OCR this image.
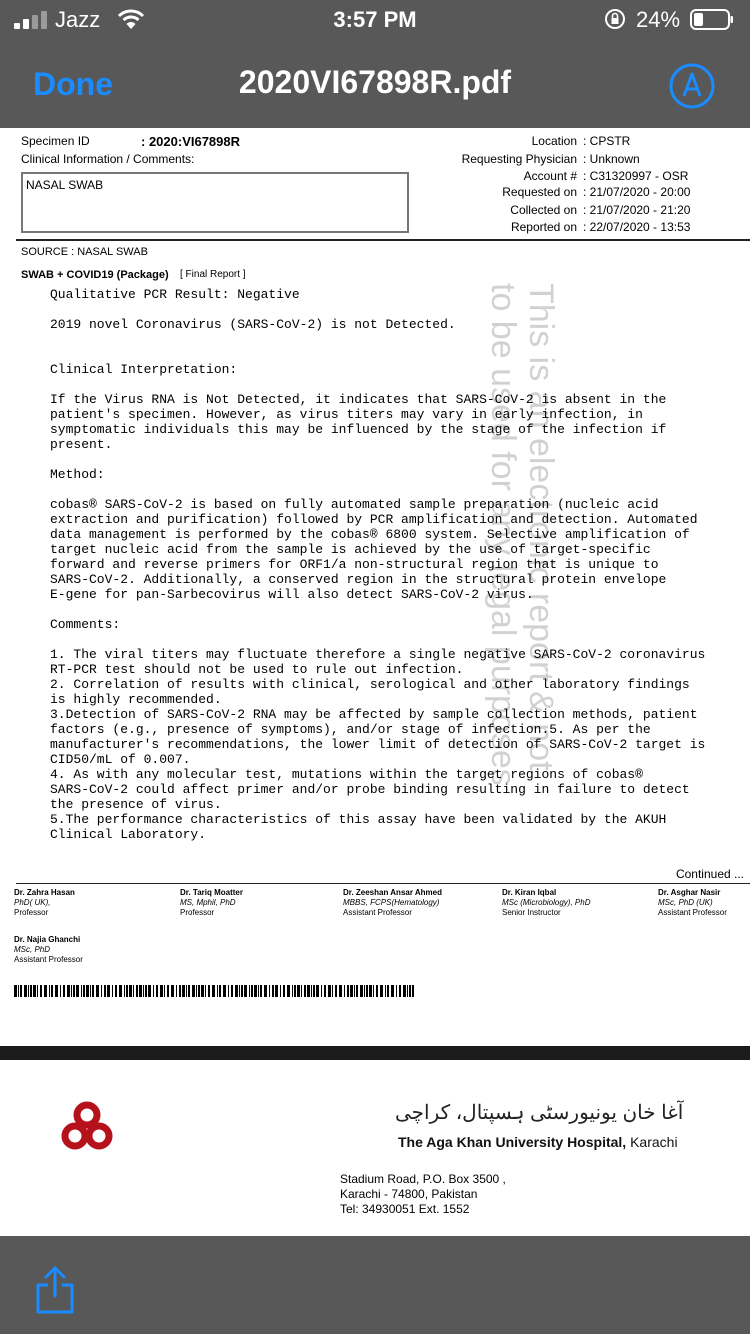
Jazz	3:57 PM	24%
Done	2020VI67898R.pdf
Specimen ID	: 2020:VI67898R
Clinical Information / Comments:
NASAL SWAB
Location : CPSTR
Requesting Physician : Unknown
Account # : C31320997 - OSR
Requested on : 21/07/2020 - 20:00
Collected on : 21/07/2020 - 21:20
Reported on : 22/07/2020 - 13:53
SOURCE : NASAL SWAB
SWAB + COVID19 (Package) [ Final Report ]
Qualitative PCR Result: Negative

2019 novel Coronavirus (SARS-CoV-2) is not Detected.

Clinical Interpretation:

If the Virus RNA is Not Detected, it indicates that SARS-CoV-2 is absent in the
patient's specimen. However, as virus titers may vary in early infection, in
symptomatic individuals this may be influenced by the stage of the infection if
present.

Method:

cobas® SARS-CoV-2 is based on fully automated sample preparation (nucleic acid
extraction and purification) followed by PCR amplification and detection. Automated
data management is performed by the cobas® 6800 system. Selective amplification of
target nucleic acid from the sample is achieved by the use of target-specific
forward and reverse primers for ORF1/a non-structural region that is unique to
SARS-CoV-2. Additionally, a conserved region in the structural protein envelope
E-gene for pan-Sarbecovirus will also detect SARS-CoV-2 virus.

Comments:

1. The viral titers may fluctuate therefore a single negative SARS-CoV-2 coronavirus
RT-PCR test should not be used to rule out infection.
2. Correlation of results with clinical, serological and other laboratory findings
is highly recommended.
3.Detection of SARS-CoV-2 RNA may be affected by sample collection methods, patient
factors (e.g., presence of symptoms), and/or stage of infection.5. As per the
manufacturer's recommendations, the lower limit of detection of SARS-CoV-2 target is
CID50/mL of 0.007.
4. As with any molecular test, mutations within the target regions of cobas®
SARS-CoV-2 could affect primer and/or probe binding resulting in failure to detect
the presence of virus.
5.The performance characteristics of this assay have been validated by the AKUH
Clinical Laboratory.
This is an electronic report & not
to be used for any legal purposes
Continued ...
Dr. Zahra Hasan
PhD( UK),
Professor
Dr. Tariq Moatter
MS, Mphil, PhD
Professor
Dr. Zeeshan Ansar Ahmed
MBBS, FCPS(Hematology)
Assistant Professor
Dr. Kiran Iqbal
MSc (Microbiology), PhD
Senior Instructor
Dr. Asghar Nasir
MSc, PhD (UK)
Assistant Professor
Dr. Najia Ghanchi
MSc, PhD
Assistant Professor
آغا خان یونیورسٹی ہسپتال، کراچی
The Aga Khan University Hospital, Karachi
Stadium Road, P.O. Box 3500 ,
Karachi - 74800, Pakistan
Tel: 34930051 Ext. 1552
